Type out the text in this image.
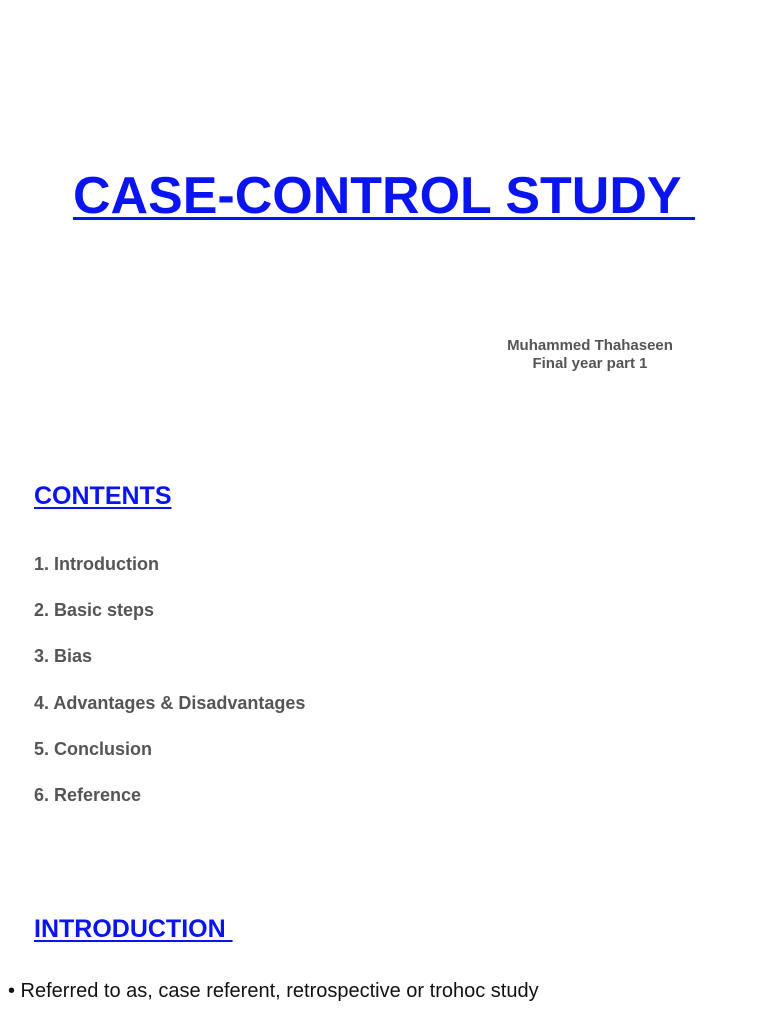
CASE-CONTROL STUDY
Muhammed Thahaseen
Final year part 1
CONTENTS
1. Introduction
2. Basic steps
3. Bias
4. Advantages & Disadvantages
5. Conclusion
6. Reference
INTRODUCTION
• Referred to as, case referent, retrospective or trohoc study
